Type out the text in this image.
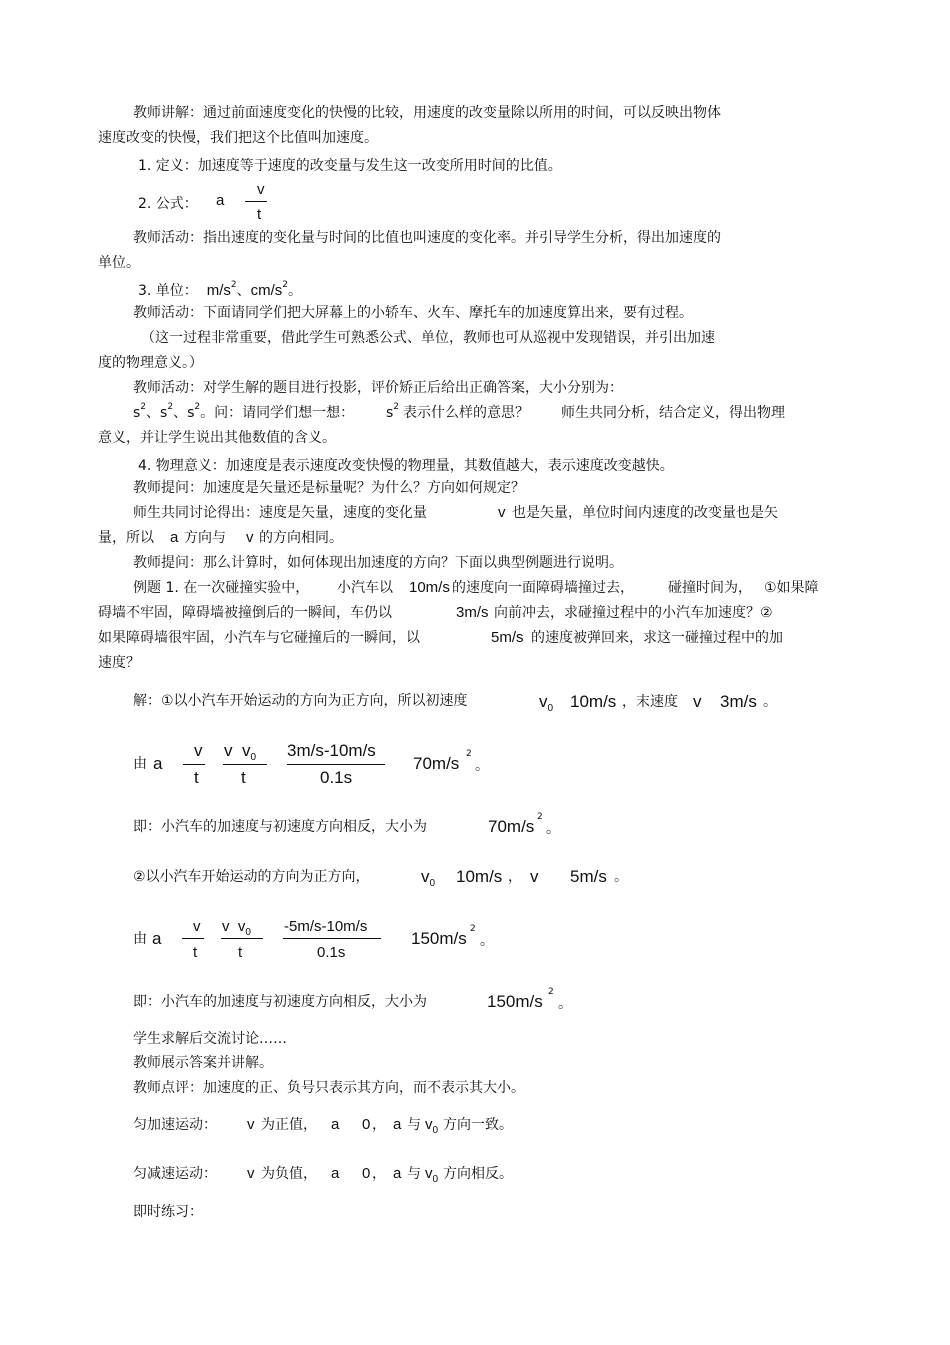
教师讲解：通过前面速度变化的快慢的比较，用速度的改变量除以所用的时间，可以反映出物体
速度改变的快慢，我们把这个比值叫加速度。
1. 定义：加速度等于速度的改变量与发生这一改变所用时间的比值。
2. 公式： a
v
t
教师活动：指出速度的变化量与时间的比值也叫速度的变化率。并引导学生分析，得出加速度的
单位。
3. 单位： $m/s^2$、$cm/s^2$。
教师活动：下面请同学们把大屏幕上的小轿车、火车、摩托车的加速度算出来，要有过程。
（这一过程非常重要，借此学生可熟悉公式、单位，教师也可从巡视中发现错误，并引出加速
度的物理意义。）
教师活动：对学生解的题目进行投影，评价矫正后给出正确答案，大小分别为：
$s^2$、$s^2$、$s^2$。问：请同学们想一想： $s^2$ 表示什么样的意思？ 师生共同分析，结合定义，得出物理
意义，并让学生说出其他数值的含义。
4. 物理意义：加速度是表示速度改变快慢的物理量，其数值越大，表示速度改变越快。
教师提问：加速度是矢量还是标量呢？为什么？方向如何规定？
师生共同讨论得出：速度是矢量，速度的变化量	v 也是矢量，单位时间内速度的改变量也是矢
量，所以 a 方向与 v 的方向相同。
教师提问：那么计算时，如何体现出加速度的方向？下面以典型例题进行说明。
例题 1. 在一次碰撞实验中， 小汽车以 10m/s 的速度向一面障碍墙撞过去， 碰撞时间为， ①如果障
碍墙不牢固，障碍墙被撞倒后的一瞬间，车仍以	3m/s 向前冲去，求碰撞过程中的小汽车加速度？②
如果障碍墙很牢固，小汽车与它碰撞后的一瞬间，以	5m/s 的速度被弹回来，求这一碰撞过程中的加
速度？
解：①以小汽车开始运动的方向为正方向，所以初速度	$v_0$ 10m/s ，末速度 v 3m/s 。
由 a
v
t
v $v_0$
t
3m/s-10m/s
0.1s
70m/s 2
。
即：小汽车的加速度与初速度方向相反，大小为	70m/s 2
。
②以小汽车开始运动的方向为正方向，	$v_0$ 10m/s ， v 5m/s 。
由 a
v
t
v $v_0$
t
-5m/s-10m/s
0.1s
150m/s 2
。
即：小汽车的加速度与初速度方向相反，大小为	150m/s 2
。
学生求解后交流讨论……
教师展示答案并讲解。
教师点评：加速度的正、负号只表示其方向，而不表示其大小。
匀加速运动： v 为正值， a 0 ， a 与 $v_0$ 方向一致。
匀减速运动： v 为负值， a 0 ， a 与 $v_0$ 方向相反。
即时练习：
